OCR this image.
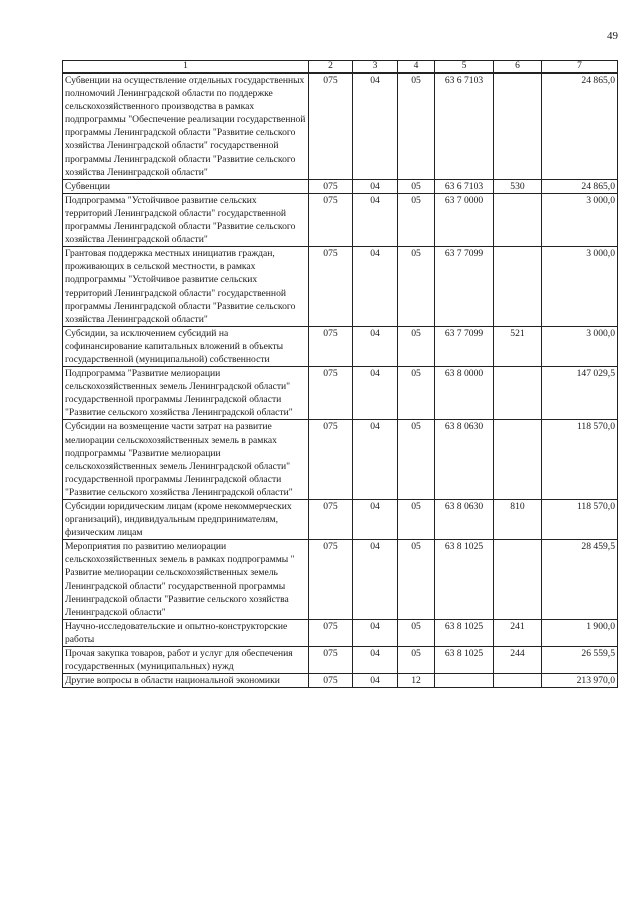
49
1	2	3	4	5	6	7
Субвенции на осуществление отдельных государственных полномочий Ленинградской области по поддержке сельскохозяйственного производства в рамках подпрограммы "Обеспечение реализации государственной программы Ленинградской области "Развитие сельского хозяйства Ленинградской области" государственной программы Ленинградской области "Развитие сельского хозяйства Ленинградской области"	075	04	05	63 6 7103		24 865,0
Субвенции	075	04	05	63 6 7103	530	24 865,0
Подпрограмма "Устойчивое развитие сельских территорий Ленинградской области" государственной программы Ленинградской области "Развитие сельского хозяйства Ленинградской области"	075	04	05	63 7 0000		3 000,0
Грантовая поддержка местных инициатив граждан, проживающих в сельской местности, в рамках подпрограммы "Устойчивое развитие сельских территорий Ленинградской области" государственной программы Ленинградской области "Развитие сельского хозяйства Ленинградской области"	075	04	05	63 7 7099		3 000,0
Субсидии, за исключением субсидий на софинансирование капитальных вложений в объекты государственной (муниципальной) собственности	075	04	05	63 7 7099	521	3 000,0
Подпрограмма "Развитие мелиорации сельскохозяйственных земель Ленинградской области" государственной программы Ленинградской области "Развитие сельского хозяйства Ленинградской области"	075	04	05	63 8 0000		147 029,5
Субсидии на возмещение части затрат на развитие мелиорации сельскохозяйственных земель в рамках подпрограммы "Развитие мелиорации сельскохозяйственных земель Ленинградской области" государственной программы Ленинградской области "Развитие сельского хозяйства Ленинградской области"	075	04	05	63 8 0630		118 570,0
Субсидии юридическим лицам (кроме некоммерческих организаций), индивидуальным предпринимателям, физическим лицам	075	04	05	63 8 0630	810	118 570,0
Мероприятия по развитию мелиорации сельскохозяйственных земель в рамках подпрограммы " Развитие мелиорации сельскохозяйственных земель Ленинградской области" государственной программы Ленинградской области "Развитие сельского хозяйства Ленинградской области"	075	04	05	63 8 1025		28 459,5
Научно-исследовательские и опытно-конструкторские работы	075	04	05	63 8 1025	241	1 900,0
Прочая закупка товаров, работ и услуг для обеспечения государственных (муниципальных) нужд	075	04	05	63 8 1025	244	26 559,5
Другие вопросы в области национальной экономики	075	04	12			213 970,0
